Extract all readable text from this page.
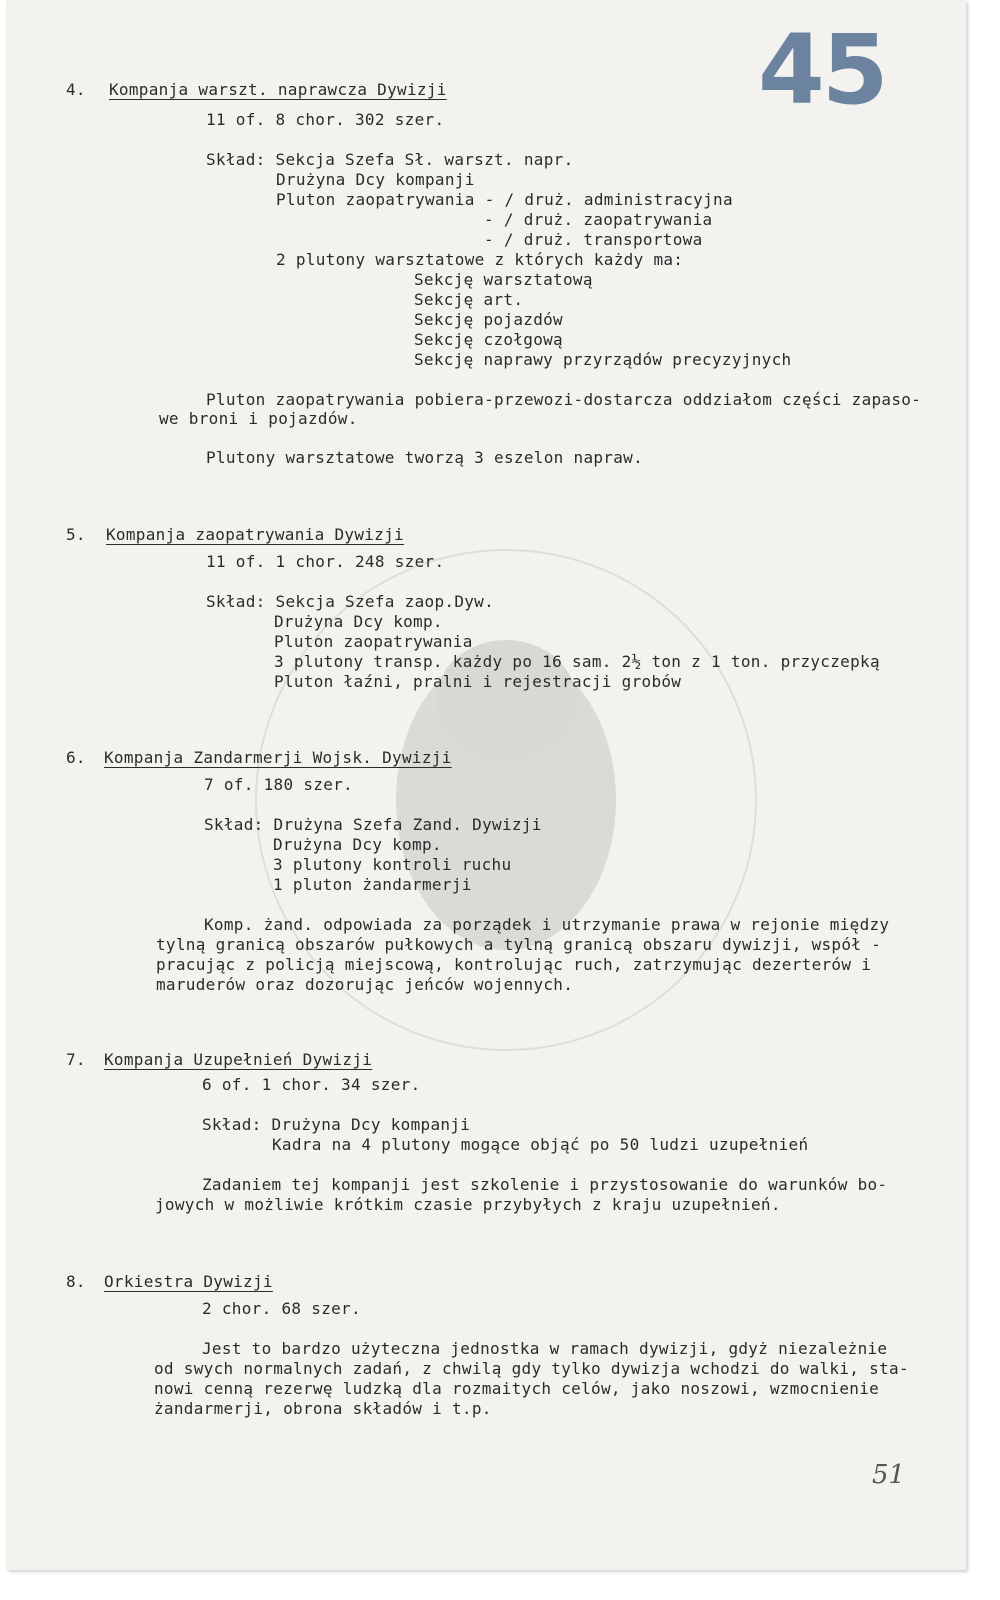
45
4. Kompanja warszt. naprawcza Dywizji
11 of. 8 chor. 302 szer.
Skład: Sekcja Szefa Sł. warszt. napr.
Drużyna Dcy kompanji
Pluton zaopatrywania - / druż. administracyjna
- / druż. zaopatrywania
- / druż. transportowa
2 plutony warsztatowe z których każdy ma:
Sekcję warsztatową
Sekcję art.
Sekcję pojazdów
Sekcję czołgową
Sekcję naprawy przyrządów precyzyjnych
Pluton zaopatrywania pobiera-przewozi-dostarcza oddziałom części zapaso-
we broni i pojazdów.
Plutony warsztatowe tworzą 3 eszelon napraw.
5. Kompanja zaopatrywania Dywizji
11 of. 1 chor. 248 szer.
Skład: Sekcja Szefa zaop.Dyw.
Drużyna Dcy komp.
Pluton zaopatrywania
3 plutony transp. każdy po 16 sam. 2½ ton z 1 ton. przyczepką
Pluton łaźni, pralni i rejestracji grobów
6. Kompanja Zandarmerji Wojsk. Dywizji
7 of. 180 szer.
Skład: Drużyna Szefa Zand. Dywizji
Drużyna Dcy komp.
3 plutony kontroli ruchu
1 pluton żandarmerji
Komp. żand. odpowiada za porządek i utrzymanie prawa w rejonie między
tylną granicą obszarów pułkowych a tylną granicą obszaru dywizji, współ -
pracując z policją miejscową, kontrolując ruch, zatrzymując dezerterów i
maruderów oraz dozorując jeńców wojennych.
7. Kompanja Uzupełnień Dywizji
6 of. 1 chor. 34 szer.
Skład: Drużyna Dcy kompanji
Kadra na 4 plutony mogące objąć po 50 ludzi uzupełnień
Zadaniem tej kompanji jest szkolenie i przystosowanie do warunków bo-
jowych w możliwie krótkim czasie przybyłych z kraju uzupełnień.
8. Orkiestra Dywizji
2 chor. 68 szer.
Jest to bardzo użyteczna jednostka w ramach dywizji, gdyż niezależnie
od swych normalnych zadań, z chwilą gdy tylko dywizja wchodzi do walki, sta-
nowi cenną rezerwę ludzką dla rozmaitych celów, jako noszowi, wzmocnienie
żandarmerji, obrona składów i t.p.
51
